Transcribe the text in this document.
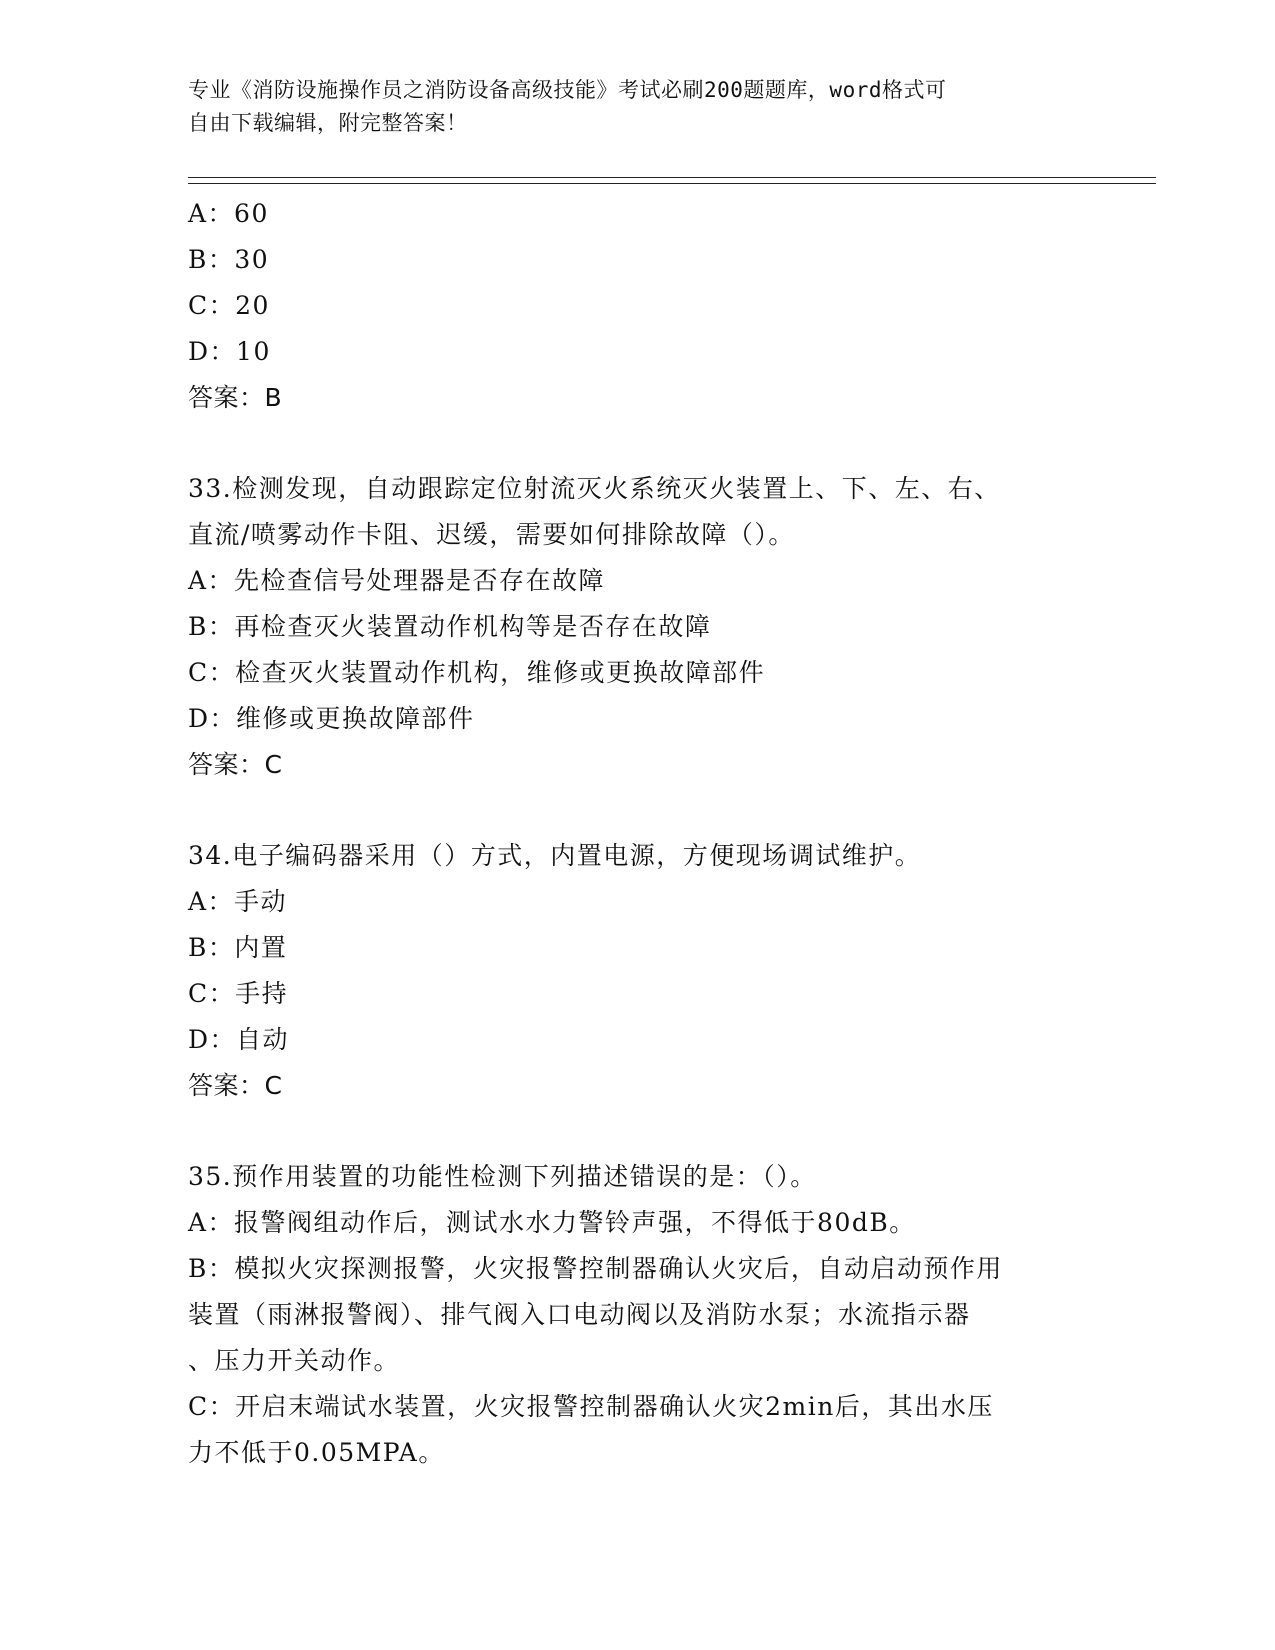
专业《消防设施操作员之消防设备高级技能》考试必刷200题题库，word格式可
自由下载编辑，附完整答案！
A：60
B：30
C：20
D：10
答案：B
33.检测发现，自动跟踪定位射流灭火系统灭火装置上、下、左、右、
直流/喷雾动作卡阻、迟缓，需要如何排除故障（）。
A：先检查信号处理器是否存在故障
B：再检查灭火装置动作机构等是否存在故障
C：检查灭火装置动作机构，维修或更换故障部件
D：维修或更换故障部件
答案：C
34.电子编码器采用（）方式，内置电源，方便现场调试维护。
A：手动
B：内置
C：手持
D：自动
答案：C
35.预作用装置的功能性检测下列描述错误的是：（）。
A：报警阀组动作后，测试水水力警铃声强，不得低于80dB。
B：模拟火灾探测报警，火灾报警控制器确认火灾后，自动启动预作用
装置（雨淋报警阀）、排气阀入口电动阀以及消防水泵；水流指示器
、压力开关动作。
C：开启末端试水装置，火灾报警控制器确认火灾2min后，其出水压
力不低于0.05MPA。
